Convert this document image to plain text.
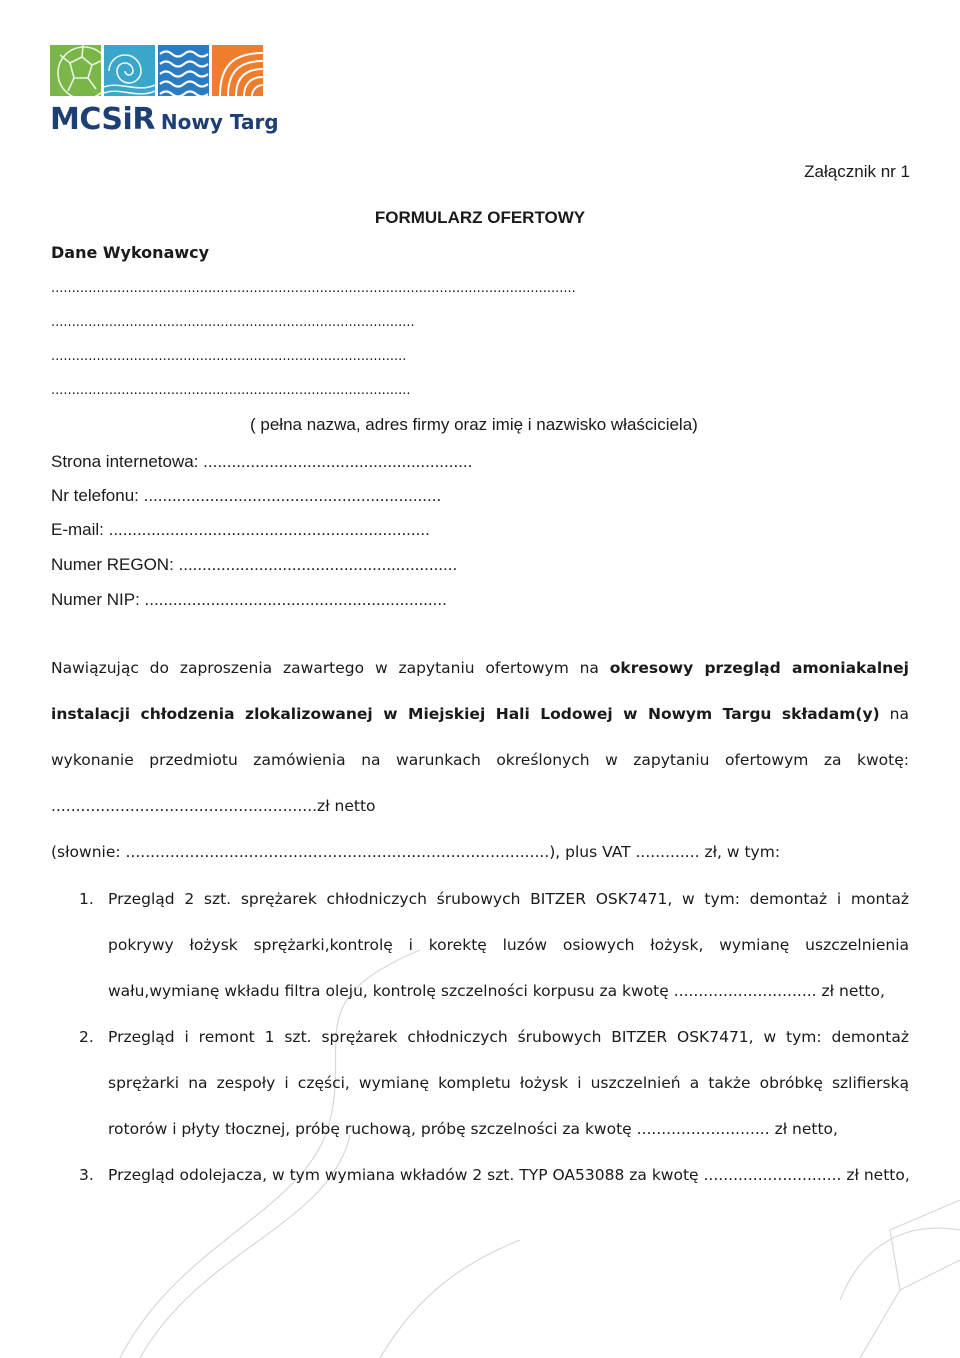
MCSiR Nowy Targ
Załącznik nr 1
FORMULARZ OFERTOWY
Dane Wykonawcy
...............................................................................................................................
........................................................................................
......................................................................................
.......................................................................................
( pełna nazwa, adres firmy oraz imię i nazwisko właściciela)
Strona internetowa: .........................................................
Nr telefonu: ...............................................................
E-mail: ....................................................................
Numer REGON: ...........................................................
Numer NIP: ................................................................
Nawiązując do zaproszenia zawartego w zapytaniu ofertowym na okresowy przegląd amoniakalnej
instalacji chłodzenia zlokalizowanej w Miejskiej Hali Lodowej w Nowym Targu składam(y) na
wykonanie przedmiotu zamówienia na warunkach określonych w zapytaniu ofertowym za kwotę:
......................................................zł netto
(słownie: ......................................................................................), plus VAT ............. zł, w tym:
1. Przegląd 2 szt. sprężarek chłodniczych śrubowych BITZER OSK7471, w tym: demontaż i montaż
pokrywy łożysk sprężarki,kontrolę i korektę luzów osiowych łożysk, wymianę uszczelnienia
wału,wymianę wkładu filtra oleju, kontrolę szczelności korpusu za kwotę ............................. zł netto,
2. Przegląd i remont 1 szt. sprężarek chłodniczych śrubowych BITZER OSK7471, w tym: demontaż
sprężarki na zespoły i części, wymianę kompletu łożysk i uszczelnień a także obróbkę szlifierską
rotorów i płyty tłocznej, próbę ruchową, próbę szczelności za kwotę ........................... zł netto,
3. Przegląd odolejacza, w tym wymiana wkładów 2 szt. TYP OA53088 za kwotę ............................ zł netto,
